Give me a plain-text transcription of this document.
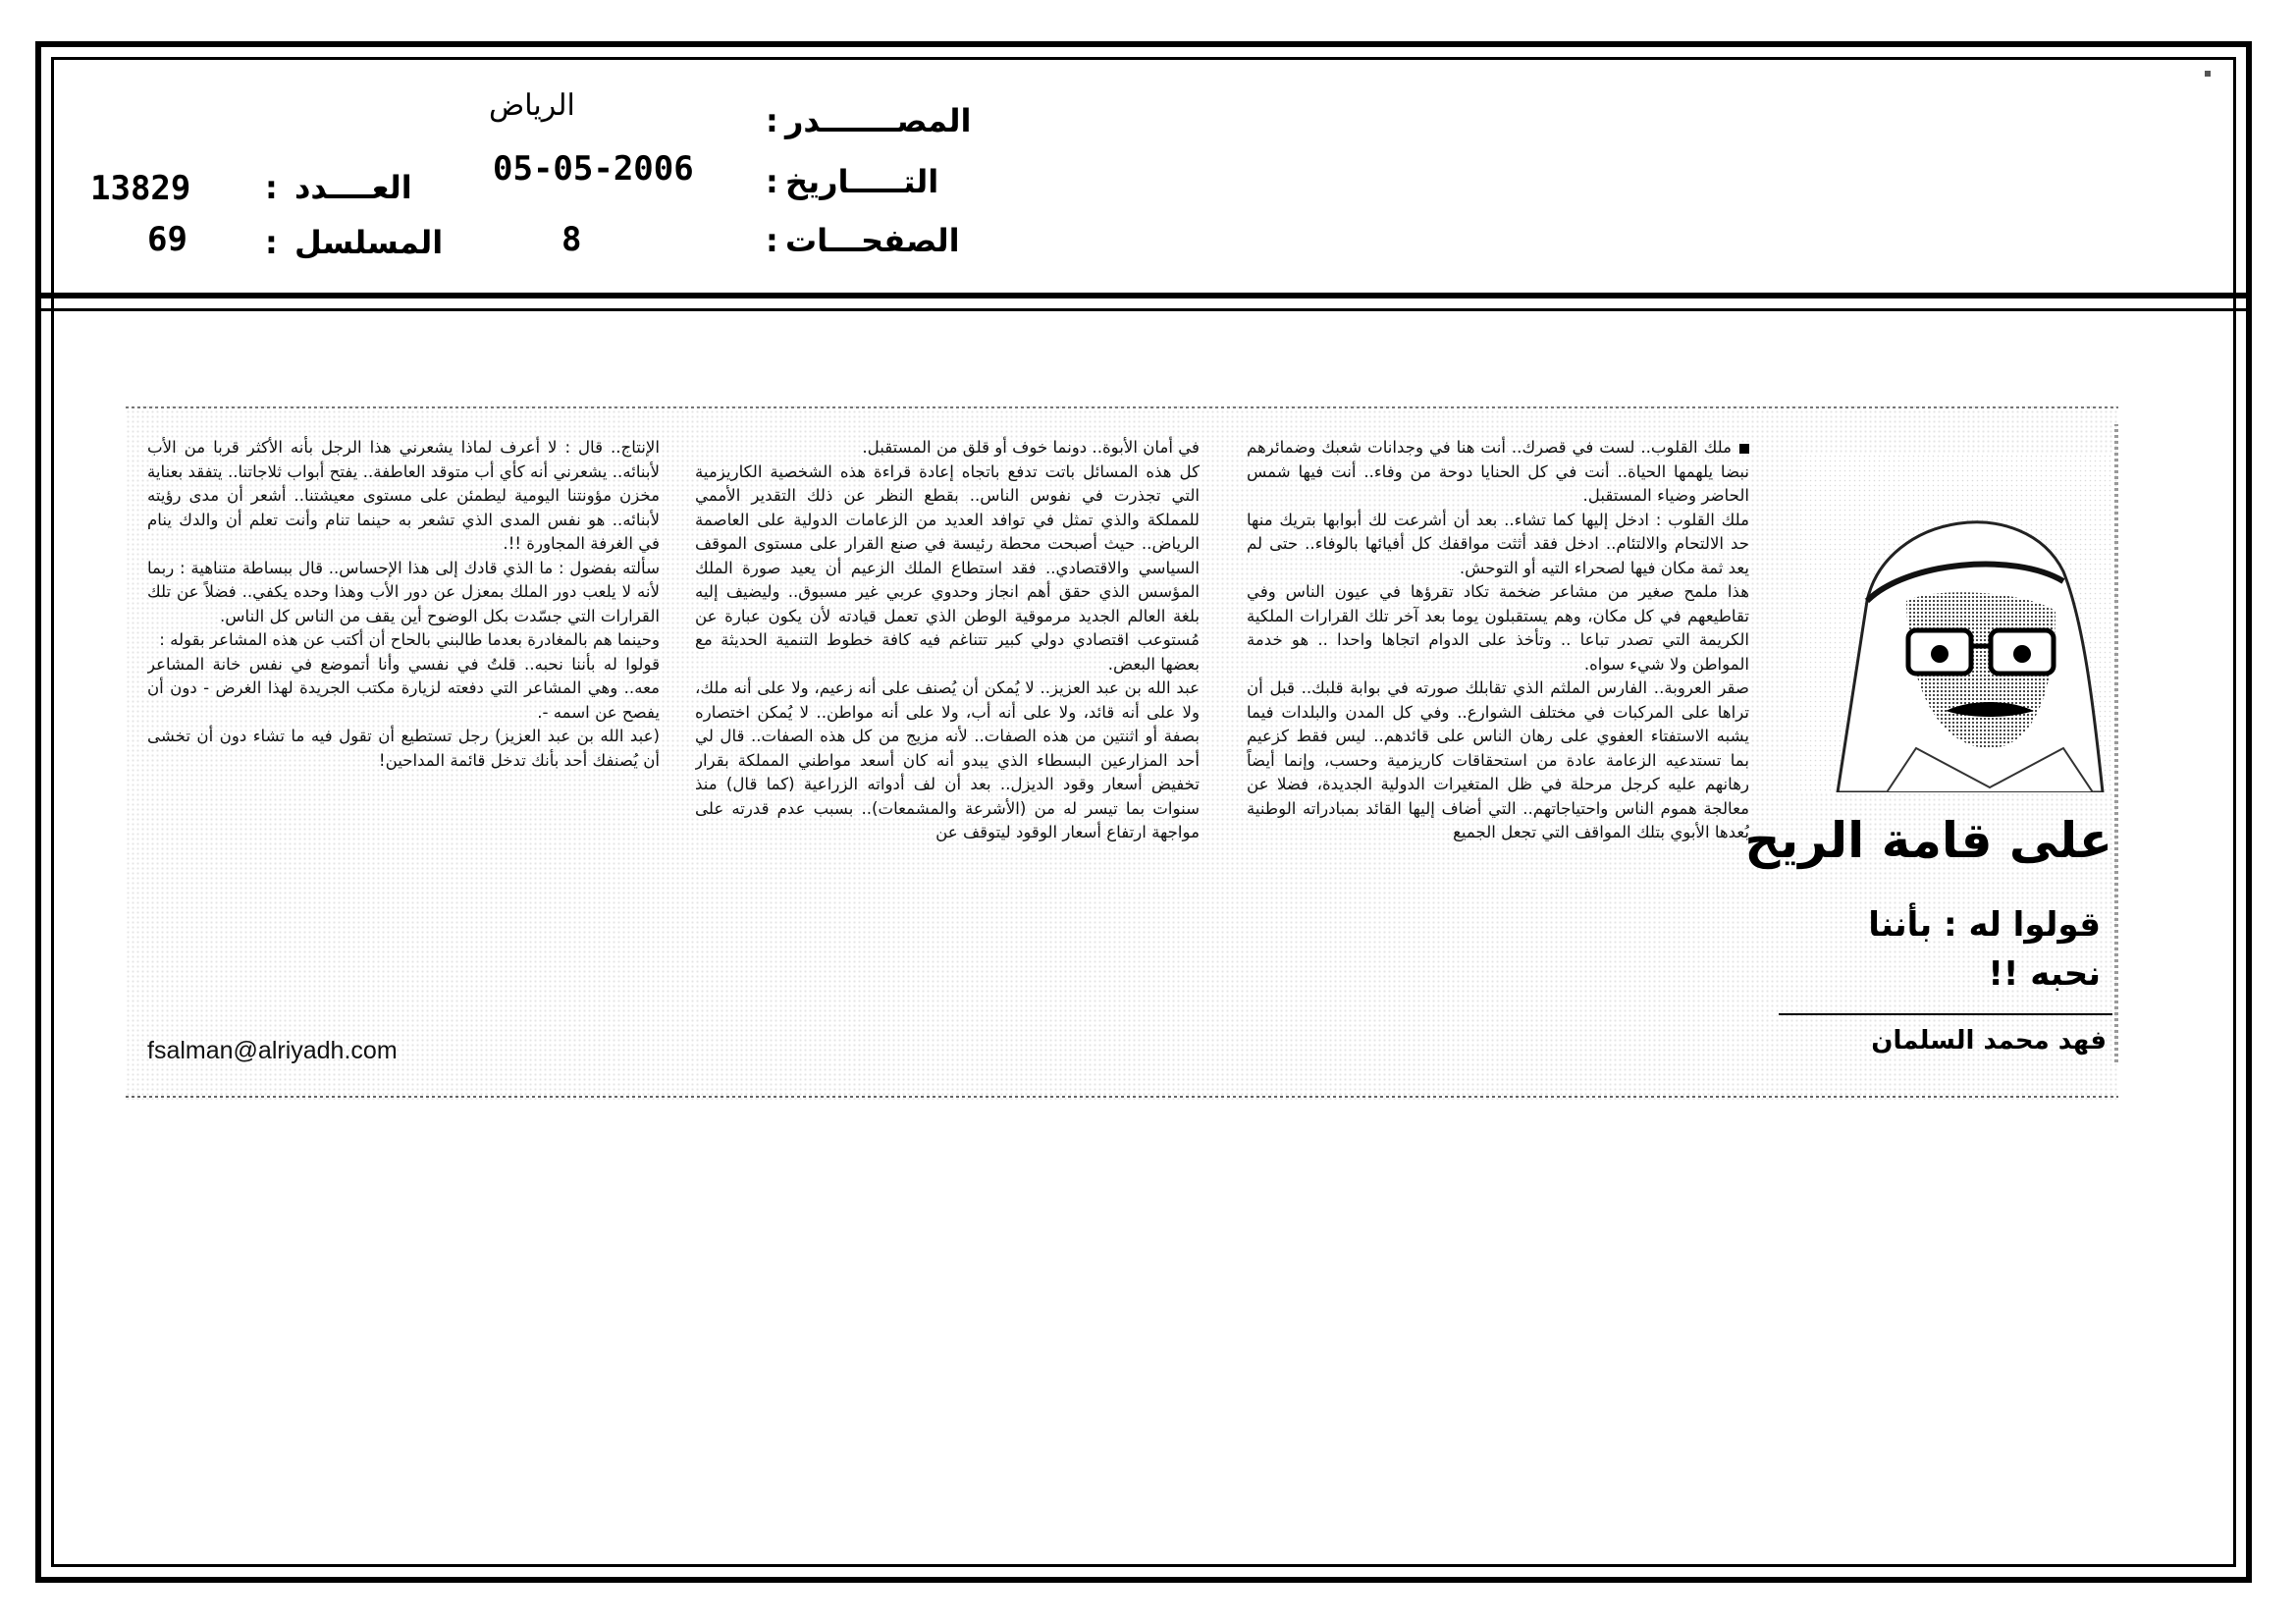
المصـــــــدر
:
الرياض
التـــــاريخ
:
05-05-2006
الصفحـــات
:
8
العــــدد
:
13829
المسلسل
:
69
على قامة الريح
قولوا له : بأننا
نحبه !!
فهد محمد السلمان

ملك القلوب.. لست في قصرك.. أنت هنا في وجدانات شعبك وضمائرهم نبضا يلهمها الحياة.. أنت في كل الحنايا دوحة من وفاء.. أنت فيها شمس الحاضر وضياء المستقبل.

ملك القلوب : ادخل إليها كما تشاء.. بعد أن أشرعت لك أبوابها بتريك منها حد الالتحام والالتئام.. ادخل فقد أثثت مواقفك كل أفيائها بالوفاء.. حتى لم يعد ثمة مكان فيها لصحراء التيه أو التوحش.

هذا ملمح صغير من مشاعر ضخمة تكاد تقرؤها في عيون الناس وفي تقاطيعهم في كل مكان، وهم يستقبلون يوما بعد آخر تلك القرارات الملكية الكريمة التي تصدر تباعا .. وتأخذ على الدوام اتجاها واحدا .. هو خدمة المواطن ولا شيء سواه.

صقر العروبة.. الفارس الملثم الذي تقابلك صورته في بوابة قلبك.. قبل أن تراها على المركبات في مختلف الشوارع.. وفي كل المدن والبلدات فيما يشبه الاستفتاء العفوي على رهان الناس على قائدهم.. ليس فقط كزعيم بما تستدعيه الزعامة عادة من استحقاقات كاريزمية وحسب، وإنما أيضاً رهانهم عليه كرجل مرحلة في ظل المتغيرات الدولية الجديدة، فضلا عن معالجة هموم الناس واحتياجاتهم.. التي أضاف إليها القائد بمبادراته الوطنية بُعدها الأبوي بتلك المواقف التي تجعل الجميع

في أمان الأبوة.. دونما خوف أو قلق من المستقبل.

كل هذه المسائل باتت تدفع باتجاه إعادة قراءة هذه الشخصية الكاريزمية التي تجذرت في نفوس الناس.. بقطع النظر عن ذلك التقدير الأممي للمملكة والذي تمثل في توافد العديد من الزعامات الدولية على العاصمة الرياض.. حيث أصبحت محطة رئيسة في صنع القرار على مستوى الموقف السياسي والاقتصادي.. فقد استطاع الملك الزعيم أن يعيد صورة الملك المؤسس الذي حقق أهم انجاز وحدوي عربي غير مسبوق.. وليضيف إليه بلغة العالم الجديد مرموقية الوطن الذي تعمل قيادته لأن يكون عبارة عن مُستوعب اقتصادي دولي كبير تتناغم فيه كافة خطوط التنمية الحديثة مع بعضها البعض.

عبد الله بن عبد العزيز.. لا يُمكن أن يُصنف على أنه زعيم، ولا على أنه ملك، ولا على أنه قائد، ولا على أنه أب، ولا على أنه مواطن.. لا يُمكن اختصاره بصفة أو اثنتين من هذه الصفات.. لأنه مزيج من كل هذه الصفات.. قال لي أحد المزارعين البسطاء الذي يبدو أنه كان أسعد مواطني المملكة بقرار تخفيض أسعار وقود الديزل.. بعد أن لف أدواته الزراعية (كما قال) منذ سنوات بما تيسر له من (الأشرعة والمشمعات).. بسبب عدم قدرته على مواجهة ارتفاع أسعار الوقود ليتوقف عن

الإنتاج.. قال : لا أعرف لماذا يشعرني هذا الرجل بأنه الأكثر قربا من الأب لأبنائه.. يشعرني أنه كأي أب متوقد العاطفة.. يفتح أبواب ثلاجاتنا.. يتفقد بعناية مخزن مؤونتنا اليومية ليطمئن على مستوى معيشتنا.. أشعر أن مدى رؤيته لأبنائه.. هو نفس المدى الذي تشعر به حينما تنام وأنت تعلم أن والدك ينام في الغرفة المجاورة !!.

سألته بفضول : ما الذي قادك إلى هذا الإحساس.. قال ببساطة متناهية : ربما لأنه لا يلعب دور الملك بمعزل عن دور الأب وهذا وحده يكفي.. فضلاً عن تلك القرارات التي جسّدت بكل الوضوح أين يقف من الناس كل الناس.

وحينما هم بالمغادرة بعدما طالبني بالحاح أن أكتب عن هذه المشاعر بقوله :

قولوا له بأننا نحبه.. قلتُ في نفسي وأنا أتموضع في نفس خانة المشاعر معه.. وهي المشاعر التي دفعته لزيارة مكتب الجريدة لهذا الغرض - دون أن يفصح عن اسمه -.

(عبد الله بن عبد العزيز) رجل تستطيع أن تقول فيه ما تشاء دون أن تخشى أن يُصنفك أحد بأنك تدخل قائمة المداحين!

fsalman@alriyadh.com
